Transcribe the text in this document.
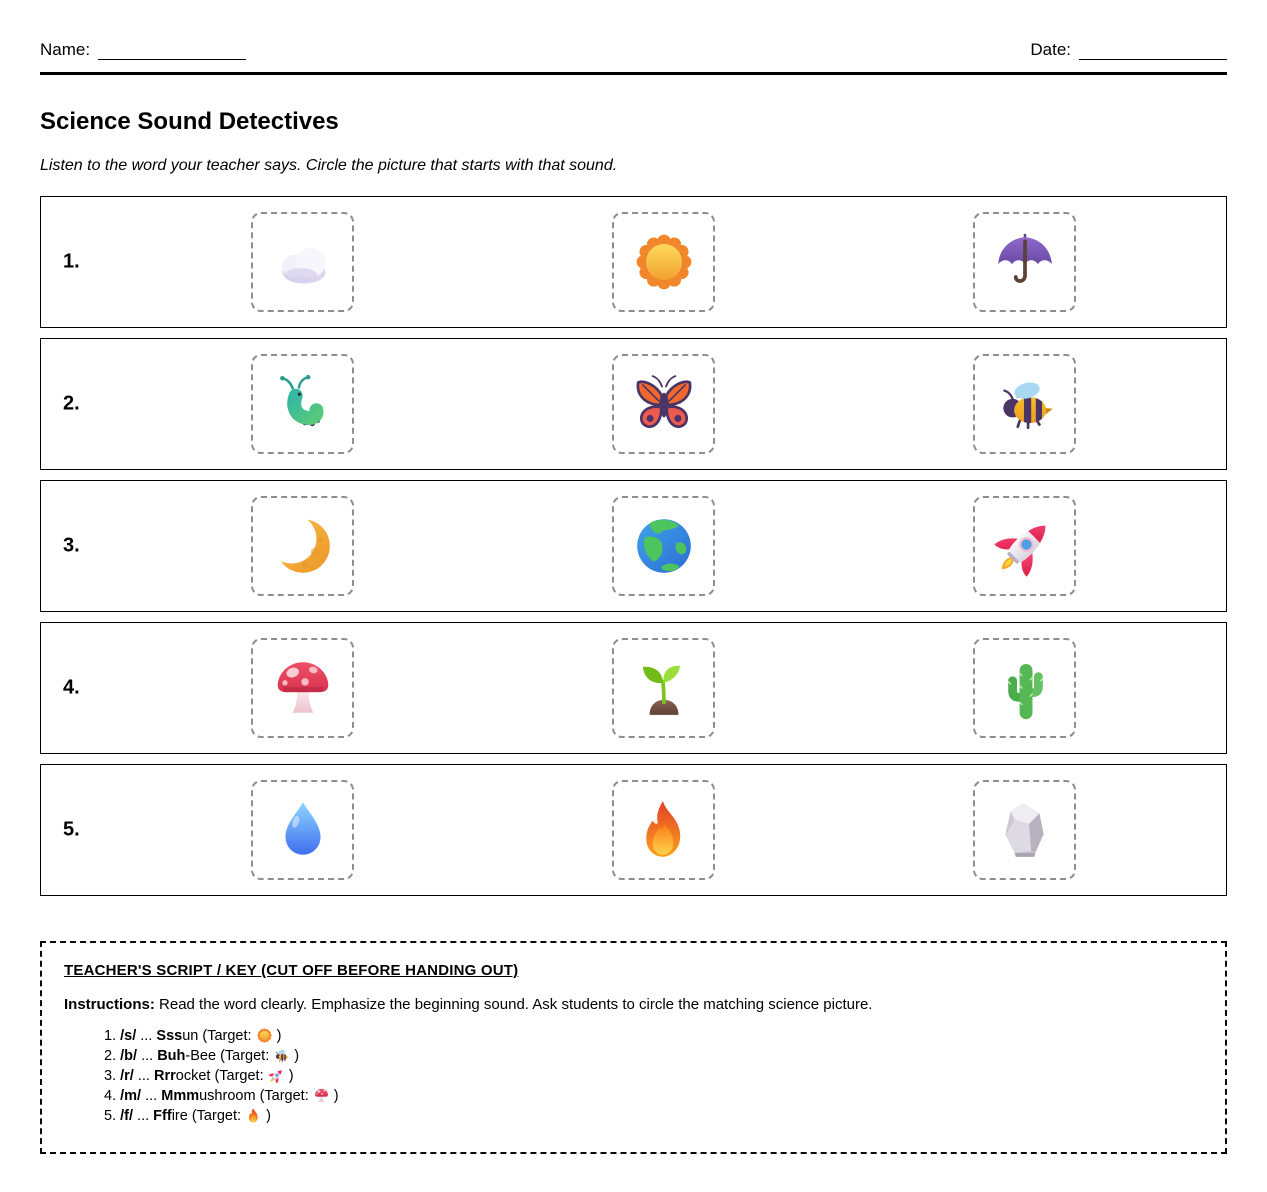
Name:	Date:
Science Sound Detectives
Listen to the word your teacher says. Circle the picture that starts with that sound.
1.
2.
3.
4.
5.
TEACHER'S SCRIPT / KEY (CUT OFF BEFORE HANDING OUT)
Instructions: Read the word clearly. Emphasize the beginning sound. Ask students to circle the matching science picture.
1. /s/ ... Sssun (Target: )
2. /b/ ... Buh-Bee (Target: )
3. /r/ ... Rrrocket (Target: )
4. /m/ ... Mmmushroom (Target: )
5. /f/ ... Fffire (Target: )
